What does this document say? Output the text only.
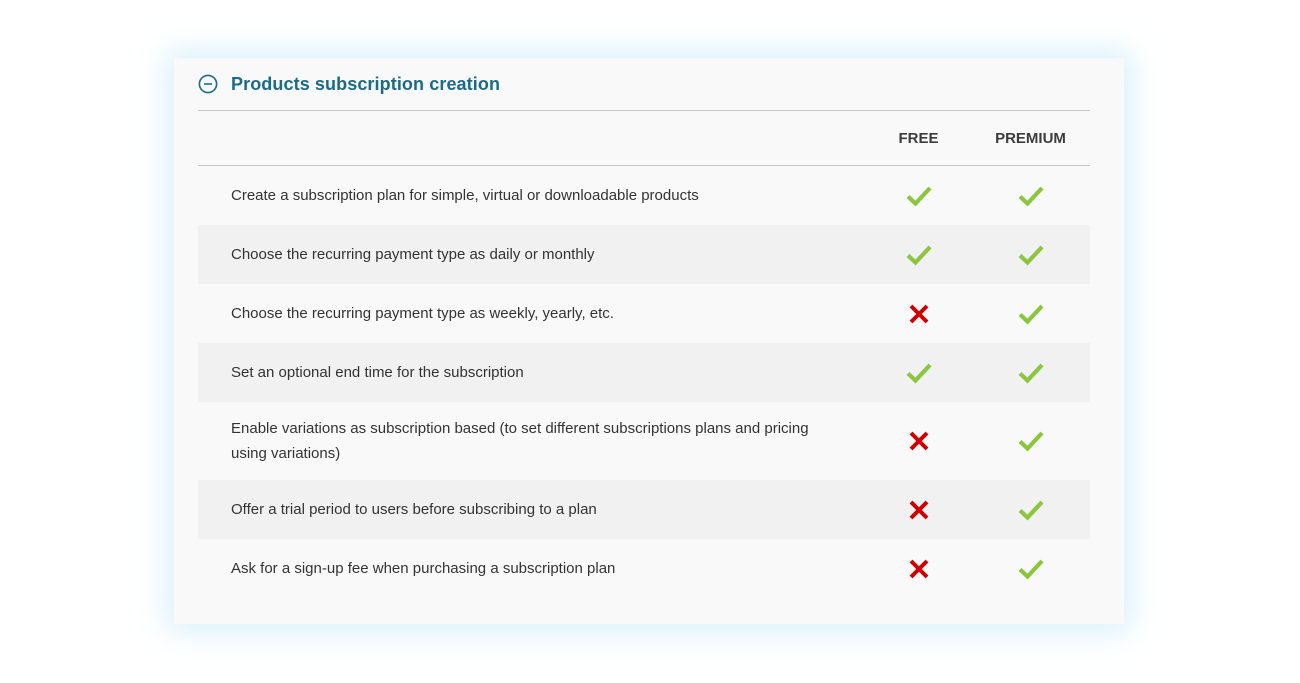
Products subscription creation
FREE	PREMIUM
Create a subscription plan for simple, virtual or downloadable products
Choose the recurring payment type as daily or monthly
Choose the recurring payment type as weekly, yearly, etc.
Set an optional end time for the subscription
Enable variations as subscription based (to set different subscriptions plans and pricing using variations)
Offer a trial period to users before subscribing to a plan
Ask for a sign-up fee when purchasing a subscription plan
